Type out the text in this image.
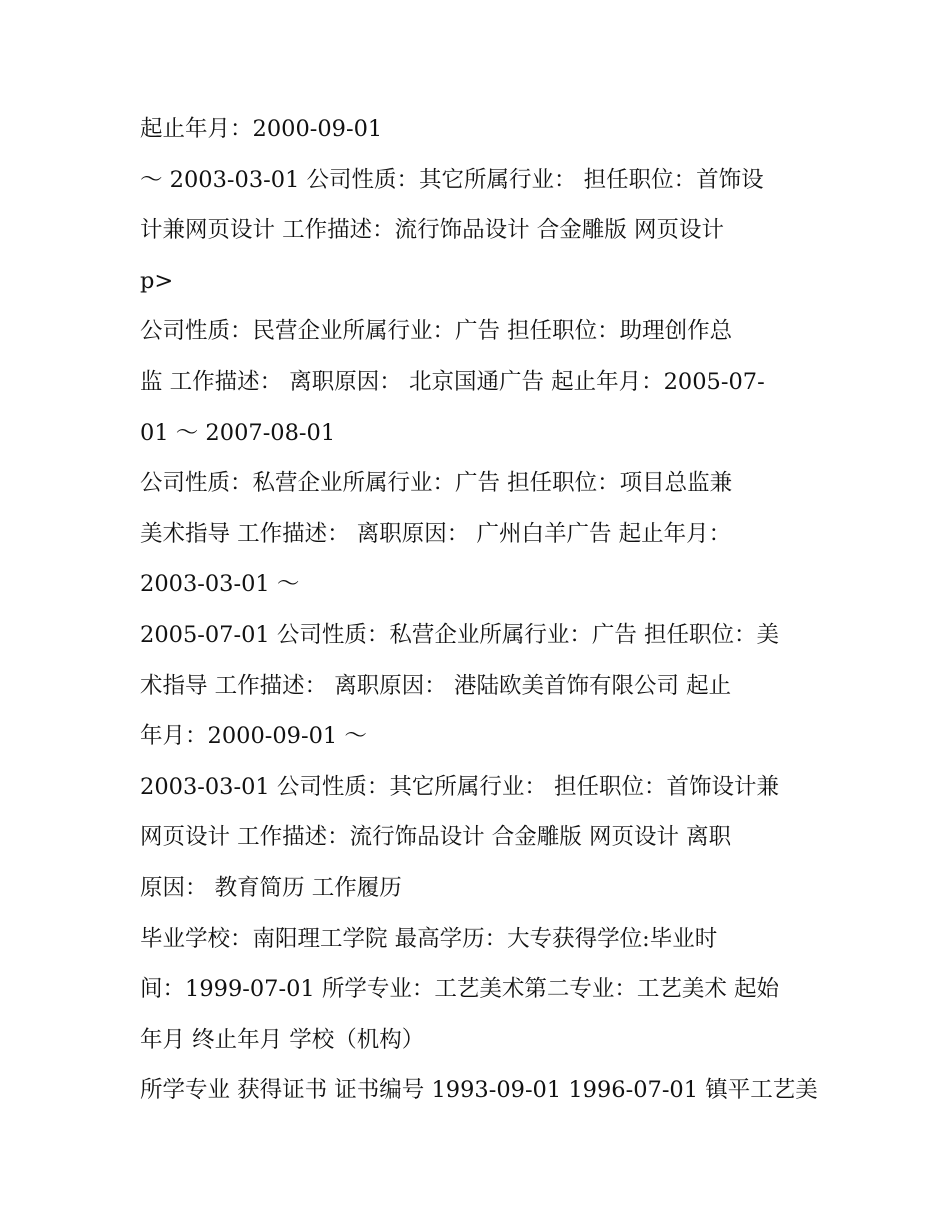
起止年月：2000-09-01
～ 2003-03-01 公司性质：其它所属行业： 担任职位：首饰设
计兼网页设计 工作描述：流行饰品设计 合金雕版 网页设计
p>
公司性质：民营企业所属行业：广告 担任职位：助理创作总
监 工作描述： 离职原因： 北京国通广告 起止年月：2005-07-
01 ～ 2007-08-01
公司性质：私营企业所属行业：广告 担任职位：项目总监兼
美术指导 工作描述： 离职原因： 广州白羊广告 起止年月：
2003-03-01 ～
2005-07-01 公司性质：私营企业所属行业：广告 担任职位：美
术指导 工作描述： 离职原因： 港陆欧美首饰有限公司 起止
年月：2000-09-01 ～
2003-03-01 公司性质：其它所属行业： 担任职位：首饰设计兼
网页设计 工作描述：流行饰品设计 合金雕版 网页设计 离职
原因： 教育简历 工作履历
毕业学校：南阳理工学院 最高学历：大专获得学位:毕业时
间：1999-07-01 所学专业：工艺美术第二专业：工艺美术 起始
年月 终止年月 学校（机构）
所学专业 获得证书 证书编号 1993-09-01 1996-07-01 镇平工艺美
